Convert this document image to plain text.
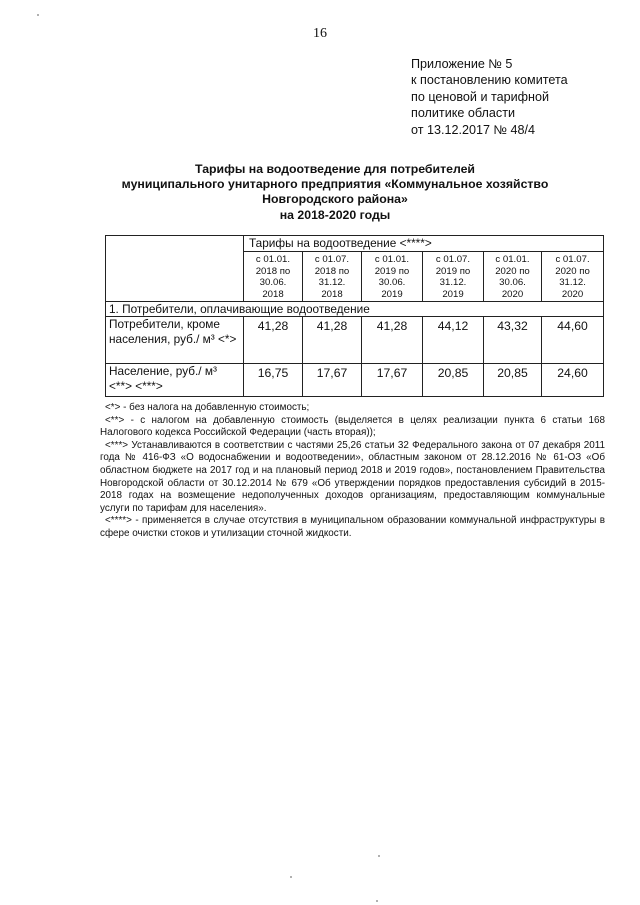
16
Приложение № 5
к постановлению комитета
по ценовой и тарифной
политике области
от 13.12.2017 № 48/4
Тарифы на водоотведение для потребителей
муниципального унитарного предприятия «Коммунальное хозяйство
Новгородского района»
на 2018-2020 годы
	Тарифы на водоотведение <****>					
	с 01.01.
2018 по
30.06.
2018	с 01.07.
2018 по
31.12.
2018	с 01.01.
2019 по
30.06.
2019	с 01.07.
2019 по
31.12.
2019	с 01.01.
2020 по
30.06.
2020	с 01.07.
2020 по
31.12.
2020
1. Потребители, оплачивающие водоотведение						
Потребители, кроме населения, руб./ м³ <*>	41,28	41,28	41,28	44,12	43,32	44,60
Население, руб./ м³ <**> <***>	16,75	17,67	17,67	20,85	20,85	24,60

<*> - без налога на добавленную стоимость;

<**> - с налогом на добавленную стоимость (выделяется в целях реализации пункта 6 статьи 168 Налогового кодекса Российской Федерации (часть вторая));

<***> Устанавливаются в соответствии с частями 25,26 статьи 32 Федерального закона от 07 декабря 2011 года № 416-ФЗ «О водоснабжении и водоотведении», областным законом от 28.12.2016 № 61-ОЗ «Об областном бюджете на 2017 год и на плановый период 2018 и 2019 годов», постановлением Правительства Новгородской области от 30.12.2014 № 679 «Об утверждении порядков предоставления субсидий в 2015-2018 годах на возмещение недополученных доходов организациям, предоставляющим коммунальные услуги по тарифам для населения».

<****> - применяется в случае отсутствия в муниципальном образовании коммунальной инфраструктуры в сфере очистки стоков и утилизации сточной жидкости.
